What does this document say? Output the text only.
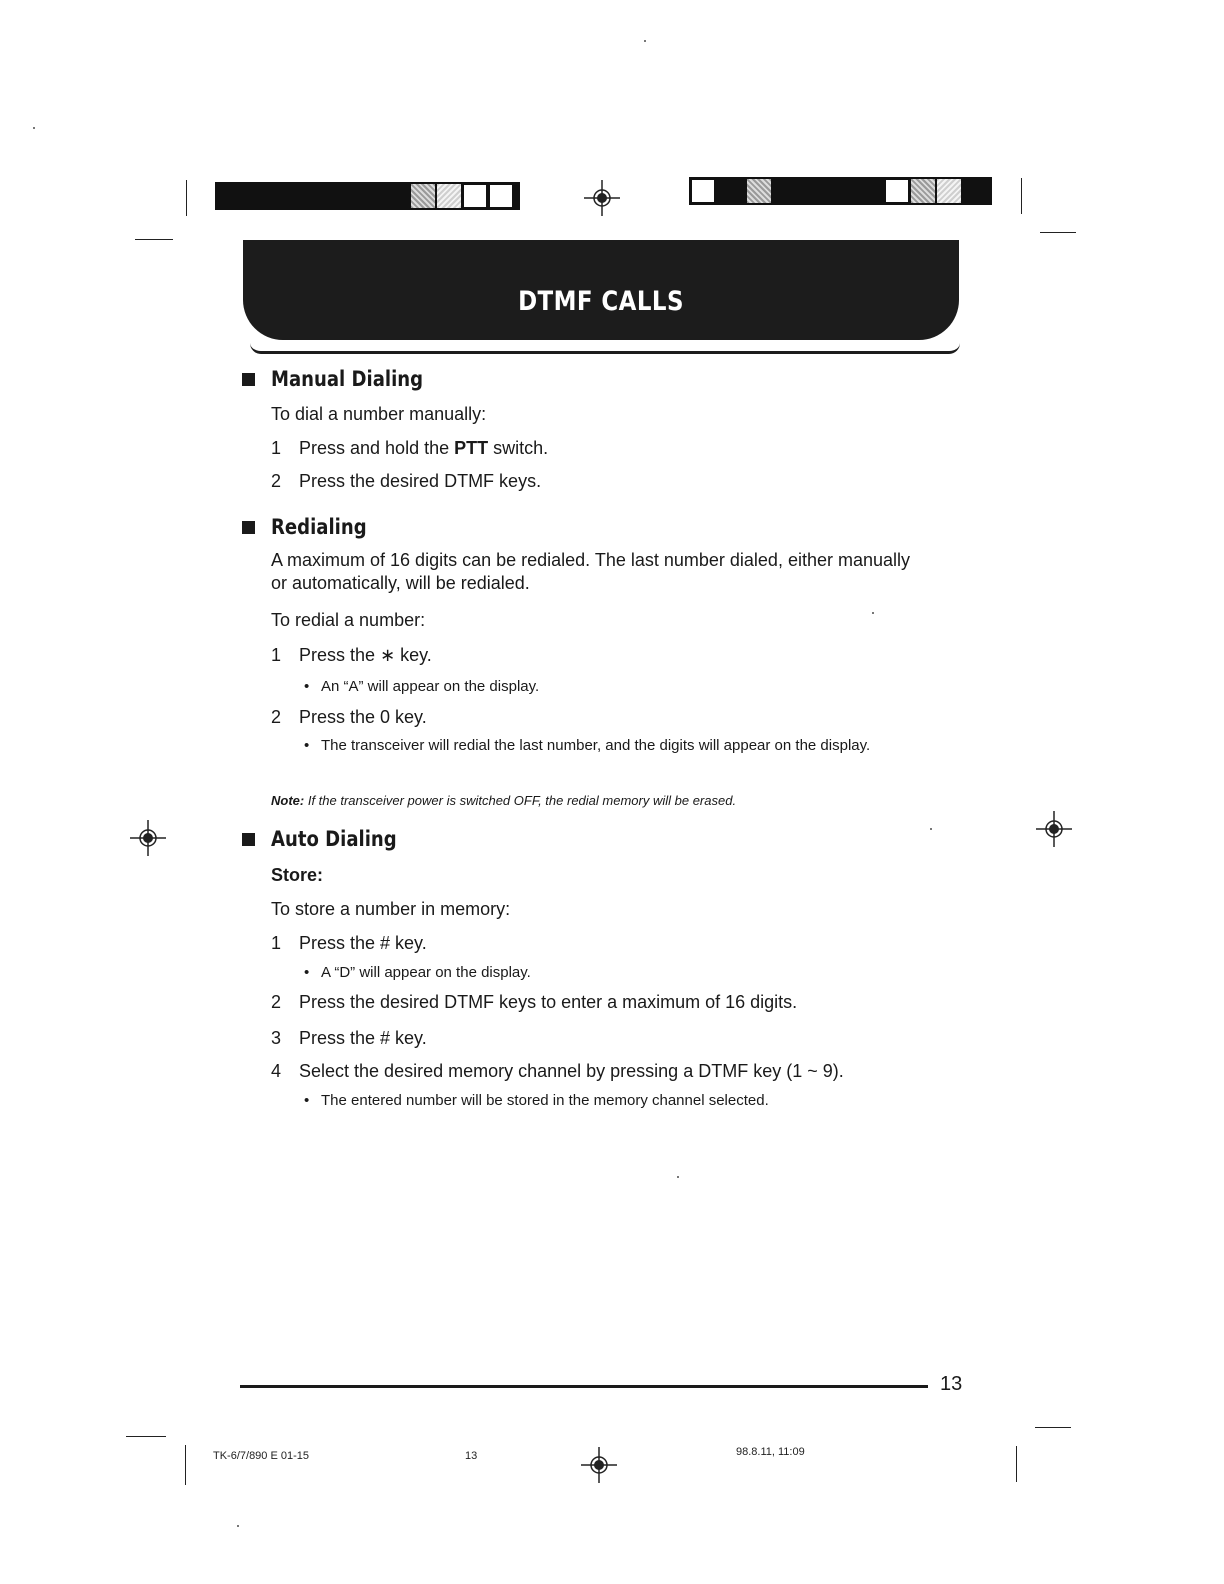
DTMF CALLS
Manual Dialing
To dial a number manually:
1 Press and hold the PTT switch.
2 Press the desired DTMF keys.
Redialing
A maximum of 16 digits can be redialed. The last number dialed, either manually or automatically, will be redialed.
To redial a number:
1 Press the ∗ key.
• An “A” will appear on the display.
2 Press the 0 key.
• The transceiver will redial the last number, and the digits will appear on the display.
Note: If the transceiver power is switched OFF, the redial memory will be erased.
Auto Dialing
Store:
To store a number in memory:
1 Press the # key.
• A “D” will appear on the display.
2 Press the desired DTMF keys to enter a maximum of 16 digits.
3 Press the # key.
4 Select the desired memory channel by pressing a DTMF key (1 ~ 9).
• The entered number will be stored in the memory channel selected.
13
TK-6/7/890 E 01-15	13	98.8.11, 11:09
